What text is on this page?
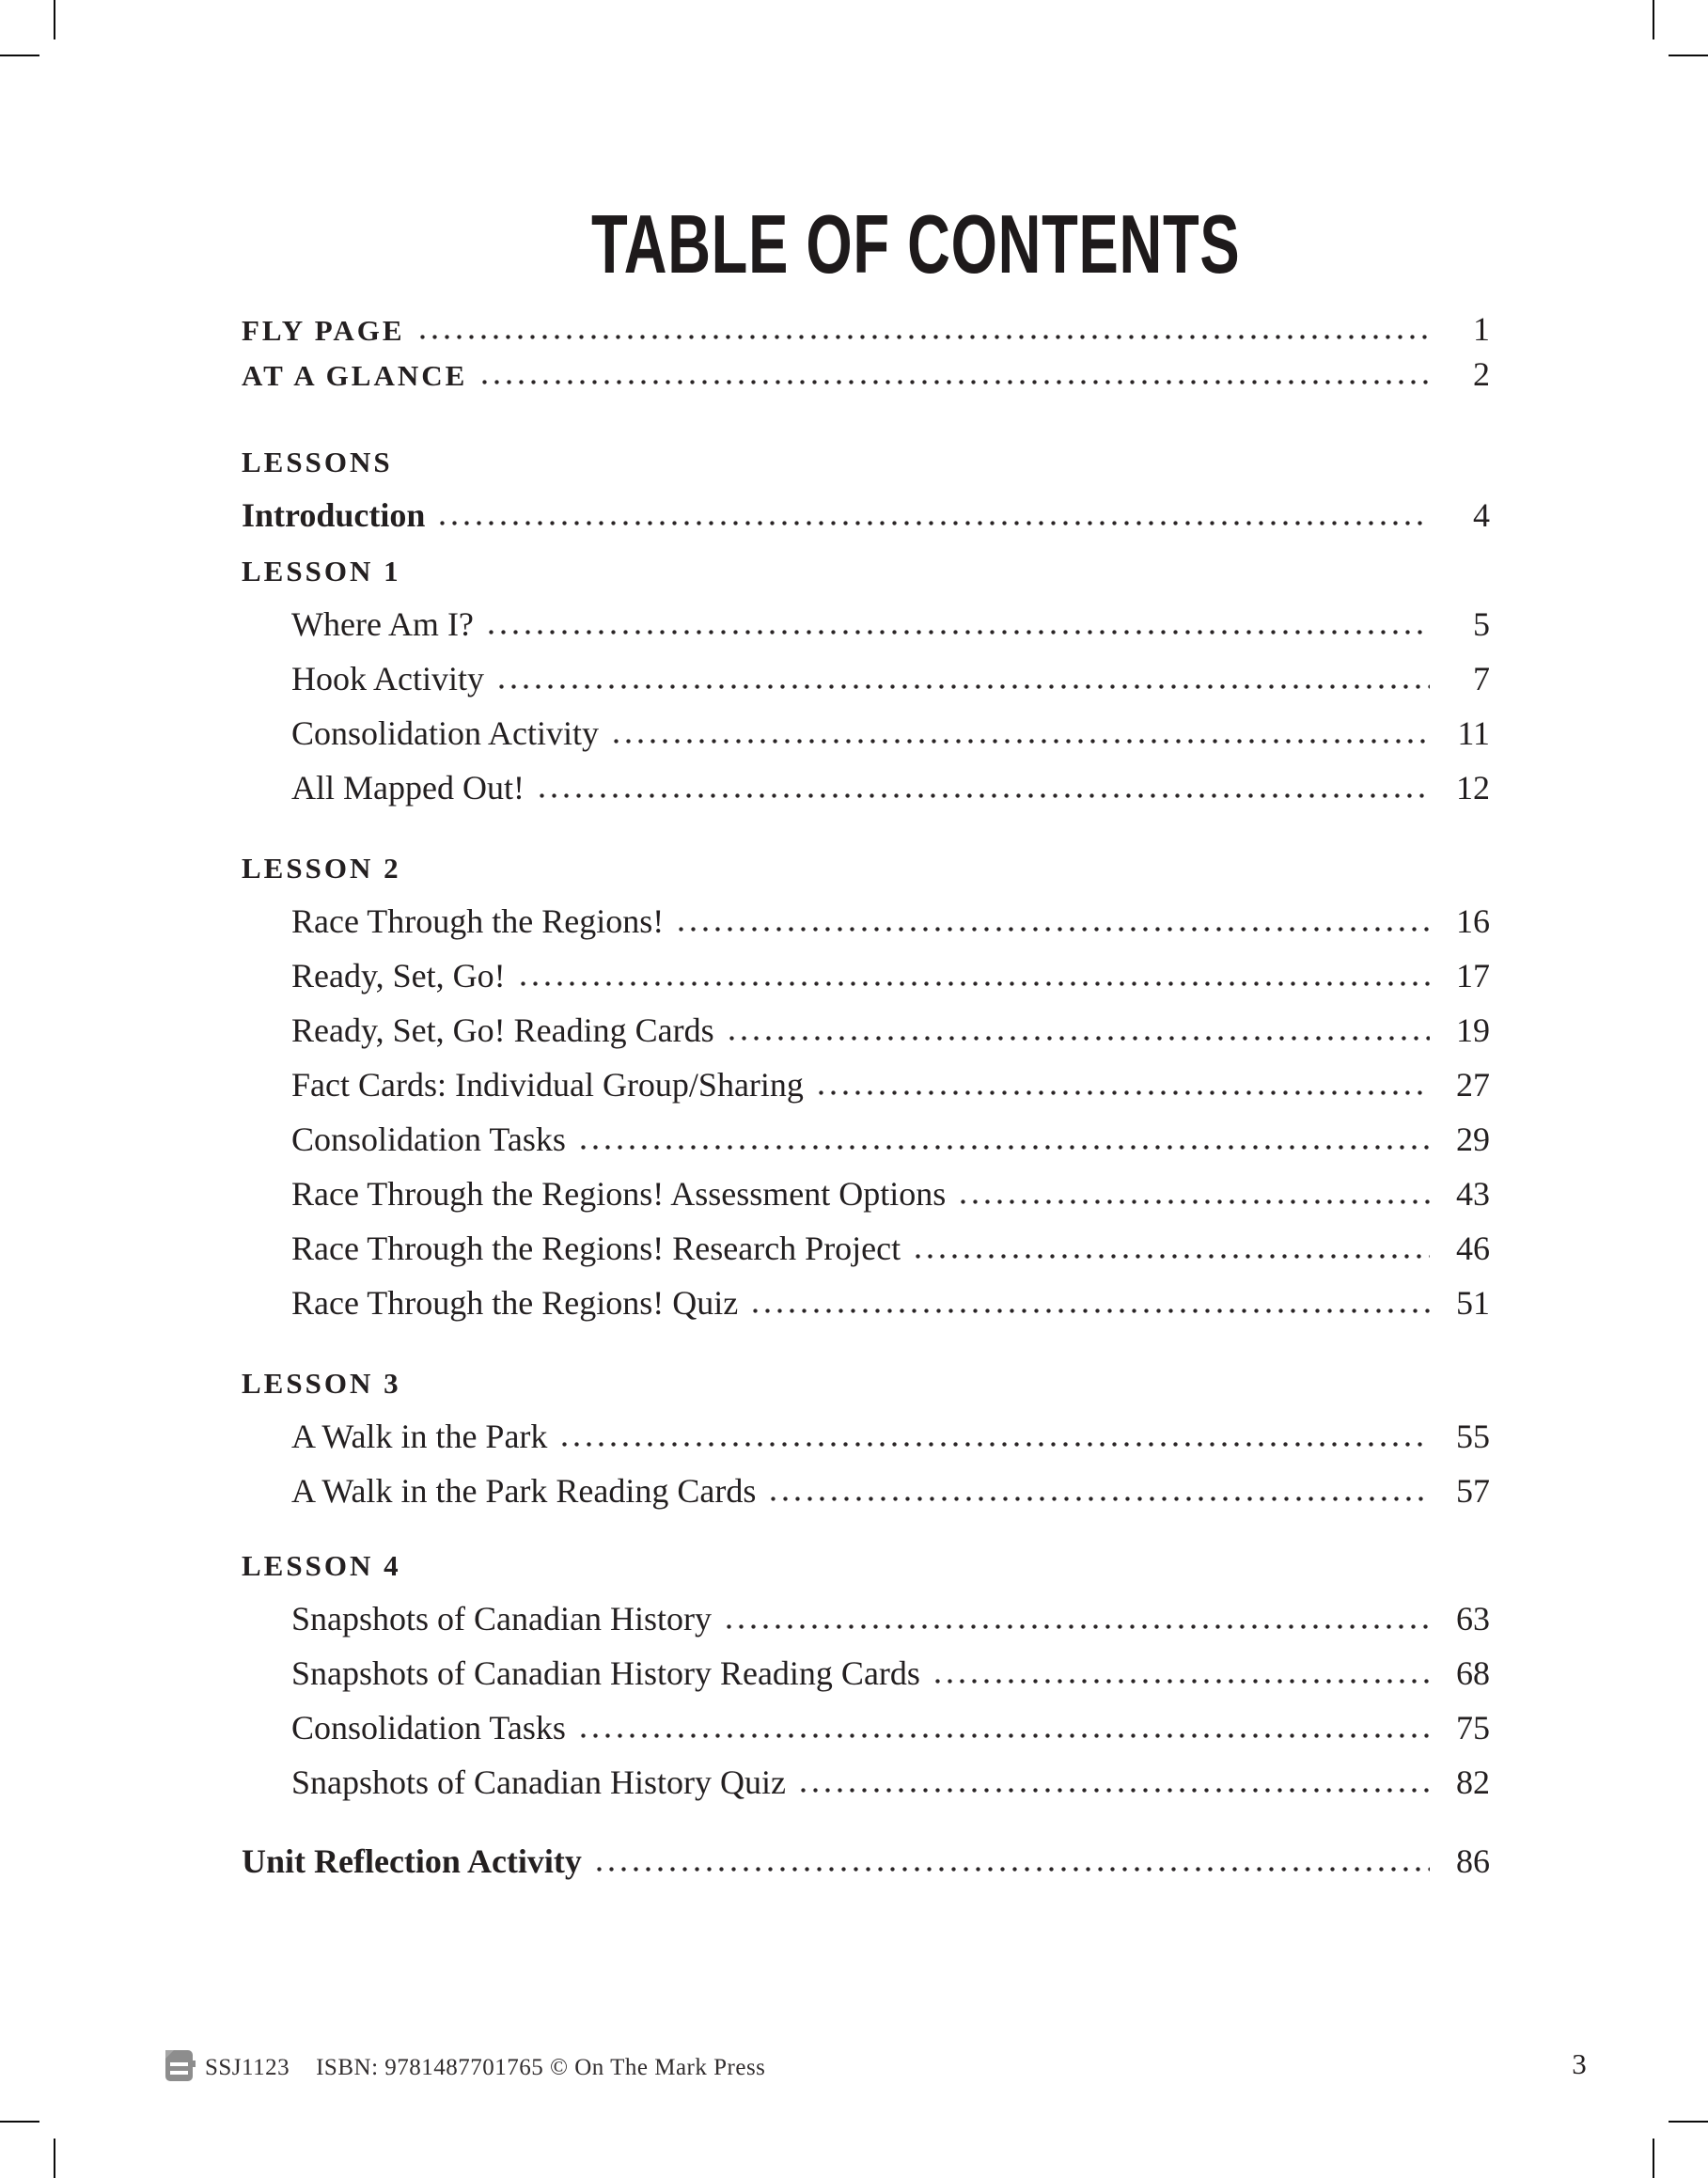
TABLE OF CONTENTS
FLY PAGE	1
AT A GLANCE	2
LESSONS
Introduction	4
LESSON 1
Where Am I?	5
Hook Activity	7
Consolidation Activity	11
All Mapped Out!	12
LESSON 2
Race Through the Regions!	16
Ready, Set, Go!	17
Ready, Set, Go! Reading Cards	19
Fact Cards: Individual Group/Sharing	27
Consolidation Tasks	29
Race Through the Regions! Assessment Options	43
Race Through the Regions! Research Project	46
Race Through the Regions! Quiz	51
LESSON 3
A Walk in the Park	55
A Walk in the Park Reading Cards	57
LESSON 4
Snapshots of Canadian History	63
Snapshots of Canadian History Reading Cards	68
Consolidation Tasks	75
Snapshots of Canadian History Quiz	82
Unit Reflection Activity	86
SSJ1123 ISBN: 9781487701765 © On The Mark Press	3
